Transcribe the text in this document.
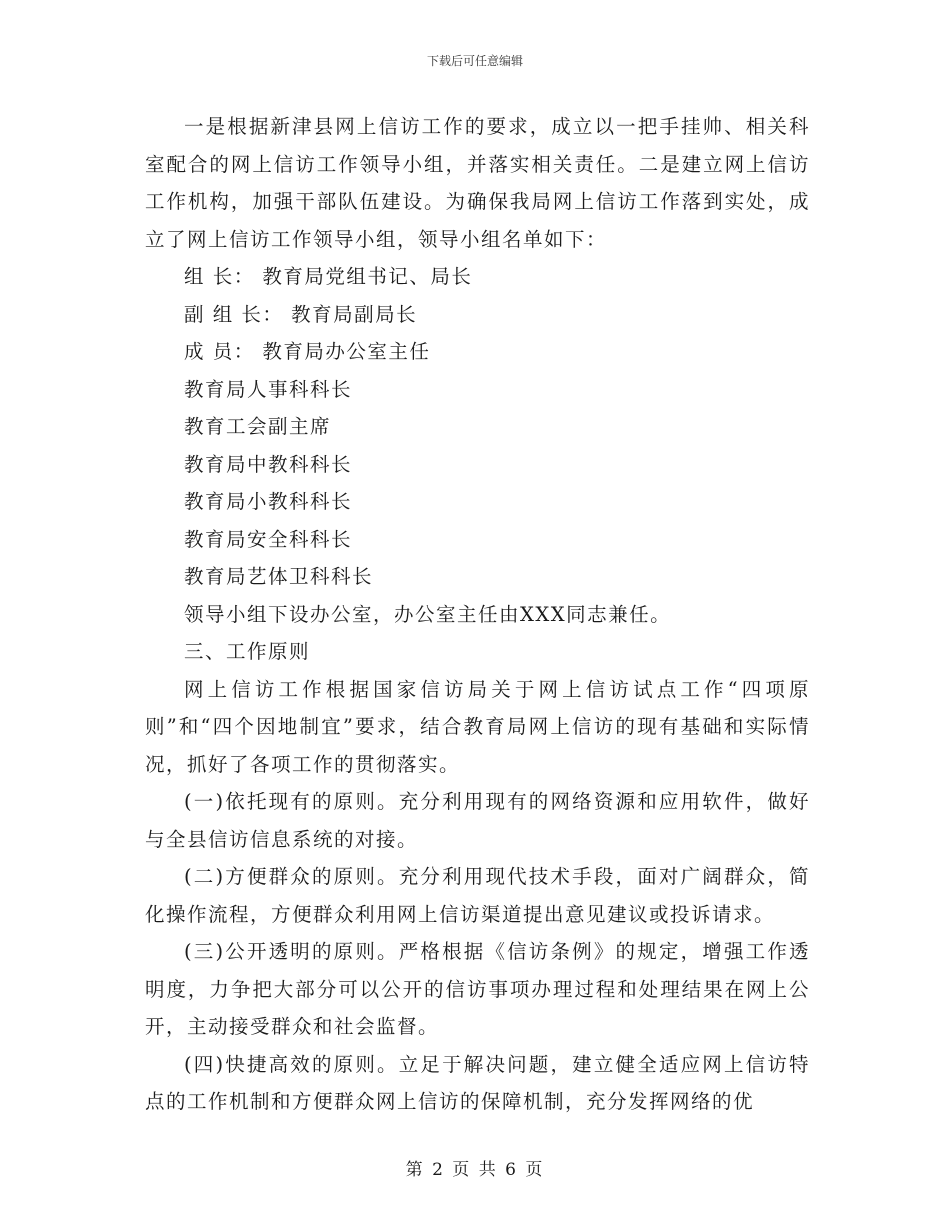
下载后可任意编辑

一是根据新津县网上信访工作的要求，成立以一把手挂帅、相关科室配合的网上信访工作领导小组，并落实相关责任。二是建立网上信访工作机构，加强干部队伍建设。为确保我局网上信访工作落到实处，成立了网上信访工作领导小组，领导小组名单如下：

组 长： 教育局党组书记、局长

副 组 长： 教育局副局长

成 员： 教育局办公室主任

教育局人事科科长

教育工会副主席

教育局中教科科长

教育局小教科科长

教育局安全科科长

教育局艺体卫科科长

领导小组下设办公室，办公室主任由XXX同志兼任。

三、工作原则

网上信访工作根据国家信访局关于网上信访试点工作“四项原则”和“四个因地制宜”要求，结合教育局网上信访的现有基础和实际情况，抓好了各项工作的贯彻落实。

(一)依托现有的原则。充分利用现有的网络资源和应用软件，做好与全县信访信息系统的对接。

(二)方便群众的原则。充分利用现代技术手段，面对广阔群众，简化操作流程，方便群众利用网上信访渠道提出意见建议或投诉请求。

(三)公开透明的原则。严格根据《信访条例》的规定，增强工作透明度，力争把大部分可以公开的信访事项办理过程和处理结果在网上公开，主动接受群众和社会监督。

(四)快捷高效的原则。立足于解决问题，建立健全适应网上信访特点的工作机制和方便群众网上信访的保障机制，充分发挥网络的优

第 2 页 共 6 页
